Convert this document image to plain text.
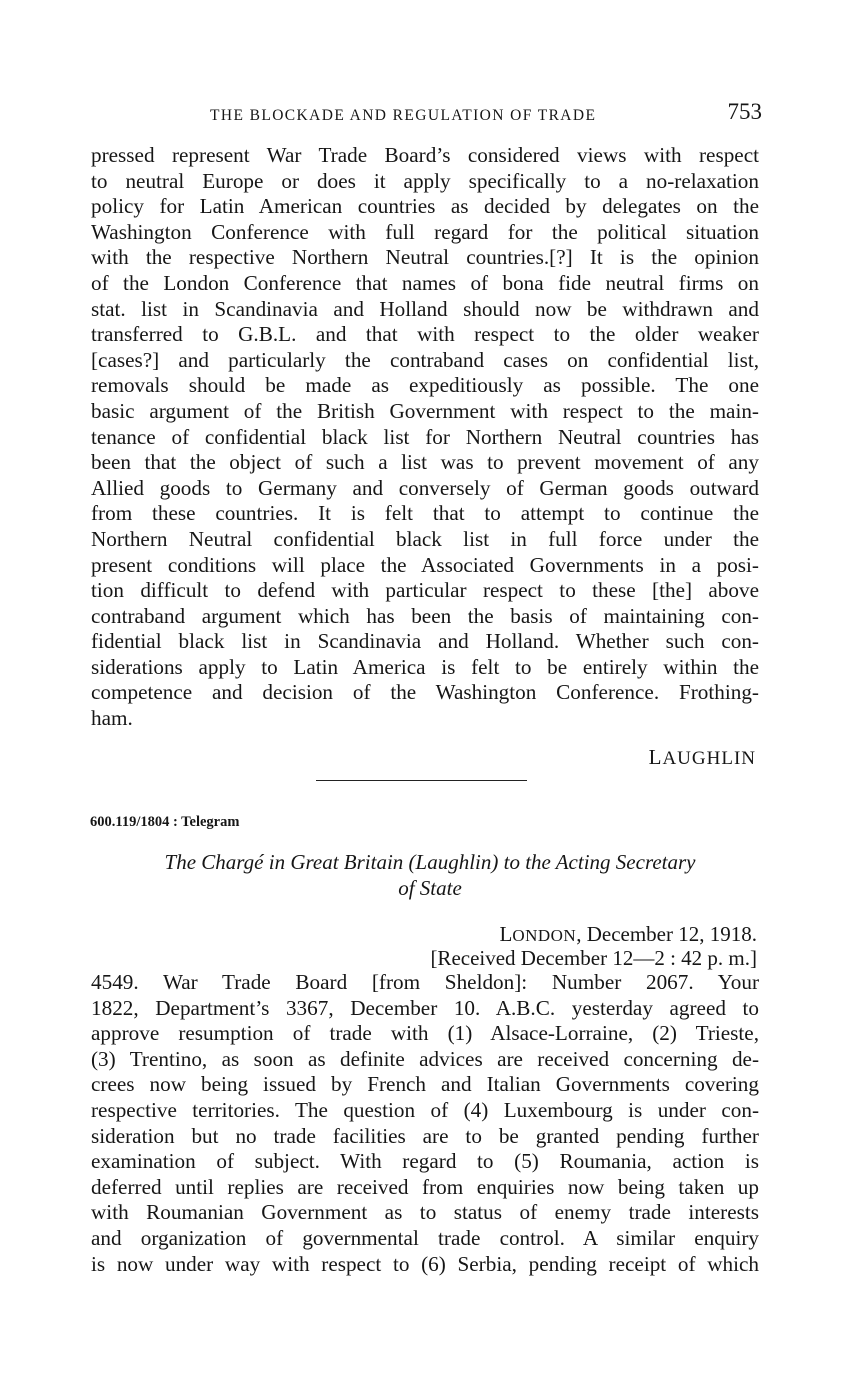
THE BLOCKADE AND REGULATION OF TRADE	753
pressed represent War Trade Board’s considered views with respect
to neutral Europe or does it apply specifically to a no-relaxation
policy for Latin American countries as decided by delegates on the
Washington Conference with full regard for the political situation
with the respective Northern Neutral countries.[?] It is the opinion
of the London Conference that names of bona fide neutral firms on
stat. list in Scandinavia and Holland should now be withdrawn and
transferred to G.B.L. and that with respect to the older weaker
[cases?] and particularly the contraband cases on confidential list,
removals should be made as expeditiously as possible. The one
basic argument of the British Government with respect to the main-
tenance of confidential black list for Northern Neutral countries has
been that the object of such a list was to prevent movement of any
Allied goods to Germany and conversely of German goods outward
from these countries. It is felt that to attempt to continue the
Northern Neutral confidential black list in full force under the
present conditions will place the Associated Governments in a posi-
tion difficult to defend with particular respect to these [the] above
contraband argument which has been the basis of maintaining con-
fidential black list in Scandinavia and Holland. Whether such con-
siderations apply to Latin America is felt to be entirely within the
competence and decision of the Washington Conference. Frothing-
ham.
LAUGHLIN
600.119/1804 : Telegram
The Chargé in Great Britain (Laughlin) to the Acting Secretary
of State
LONDON, December 12, 1918.
[Received December 12—2 : 42 p. m.]
4549. War Trade Board [from Sheldon]: Number 2067. Your
1822, Department’s 3367, December 10. A.B.C. yesterday agreed to
approve resumption of trade with (1) Alsace-Lorraine, (2) Trieste,
(3) Trentino, as soon as definite advices are received concerning de-
crees now being issued by French and Italian Governments covering
respective territories. The question of (4) Luxembourg is under con-
sideration but no trade facilities are to be granted pending further
examination of subject. With regard to (5) Roumania, action is
deferred until replies are received from enquiries now being taken up
with Roumanian Government as to status of enemy trade interests
and organization of governmental trade control. A similar enquiry
is now under way with respect to (6) Serbia, pending receipt of which
